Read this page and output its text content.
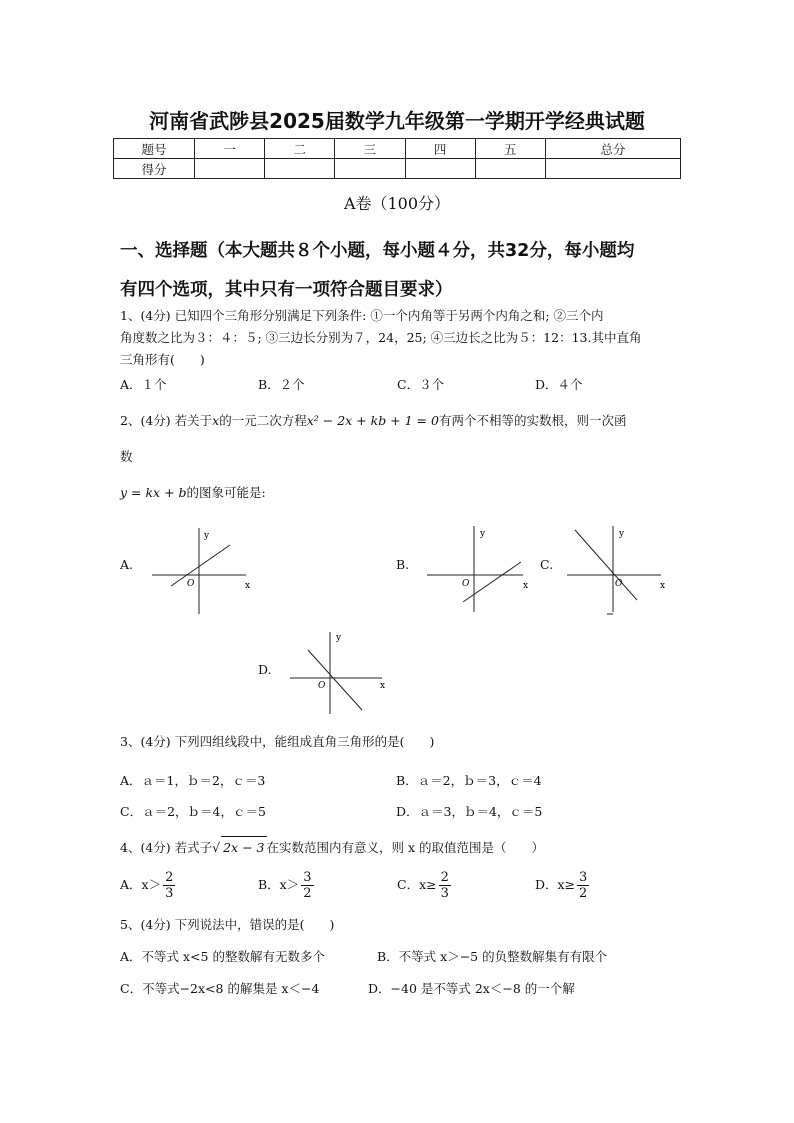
河南省武陟县2025届数学九年级第一学期开学经典试题
题号	一	二	三	四	五	总分
得分						
A卷（100分）
一、选择题（本大题共８个小题，每小题４分，共32分，每小题均
有四个选项，其中只有一项符合题目要求）
1、(4分) 已知四个三角形分别满足下列条件: ①一个内角等于另两个内角之和; ②三个内
角度数之比为３：４：５; ③三边长分别为７，24，25; ④三边长之比为５：12：13.其中直角
三角形有(　　)
A．１个	B．２个	C．３个	D．４个
2、(4分) 若关于x的一元二次方程x² − 2x + kb + 1 = 0有两个不相等的实数根，则一次函
数
y = kx + b的图象可能是:
A.	B.	C.
D.
y
x
O
y
x
O
y
x
O
y
x
O
3、(4分) 下列四组线段中，能组成直角三角形的是(　　)
A．ａ＝1，ｂ＝2，ｃ＝3	B．ａ＝2，ｂ＝3，ｃ＝4
C．ａ＝2，ｂ＝4，ｃ＝5	D．ａ＝3，ｂ＝4，ｃ＝5
4、(4分) 若式子√ 2x − 3 在实数范围内有意义，则 x 的取值范围是（　　）
A．$x> \frac{2}{3}$	B．$x> \frac{3}{2}$	C．$x\ge \frac{2}{3}$	D．$x\ge \frac{3}{2}$
5、(4分) 下列说法中，错误的是(　　)
A．不等式 x<5 的整数解有无数多个	B．不等式 x＞−5 的负整数解集有有限个
C．不等式−2x<8 的解集是 x＜−4	D．−40 是不等式 2x＜−8 的一个解
